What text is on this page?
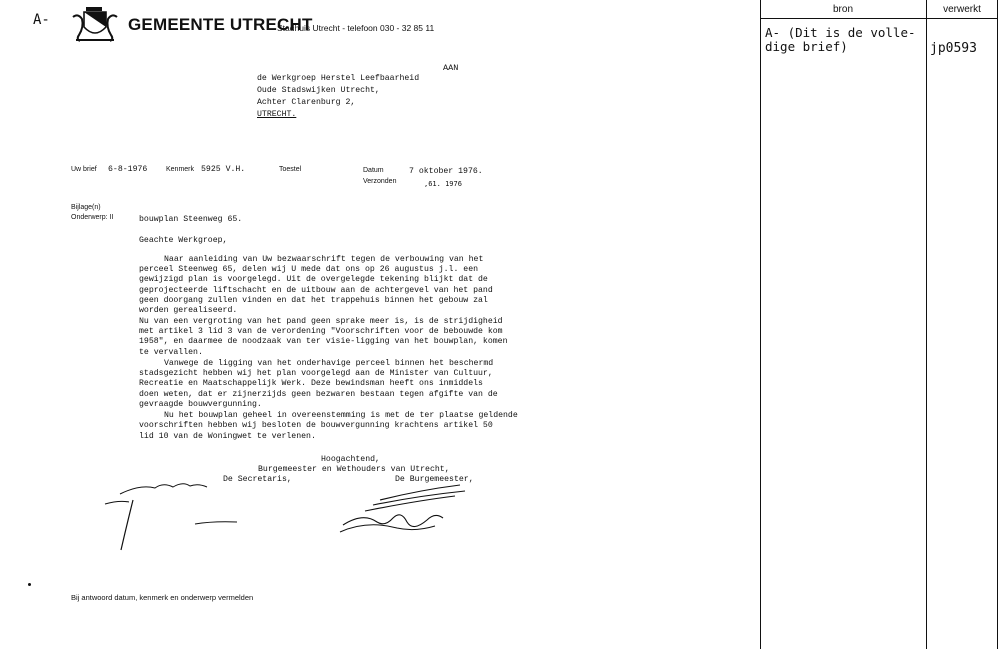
A-	GEMEENTE UTRECHT
Stadhuis Utrecht - telefoon 030 - 32 85 11
AAN
de Werkgroep Herstel Leefbaarheid
Oude Stadswijken Utrecht,
Achter Clarenburg 2,
UTRECHT.
Uw brief 6-8-1976	Kenmerk 5925 V.H.	Toestel	Datum	7 oktober 1976.
Verzonden	,61. 1976
Bijlage(n)
Onderwerp: II	bouwplan Steenweg 65.
Geachte Werkgroep,
Naar aanleiding van Uw bezwaarschrift tegen de verbouwing van het
perceel Steenweg 65, delen wij U mede dat ons op 26 augustus j.l. een
gewijzigd plan is voorgelegd. Uit de overgelegde tekening blijkt dat de
geprojecteerde liftschacht en de uitbouw aan de achtergevel van het pand
geen doorgang zullen vinden en dat het trappehuis binnen het gebouw zal
worden gerealiseerd.
Nu van een vergroting van het pand geen sprake meer is, is de strijdigheid
met artikel 3 lid 3 van de verordening "Voorschriften voor de bebouwde kom
1958", en daarmee de noodzaak van ter visie-ligging van het bouwplan, komen
te vervallen.
Vanwege de ligging van het onderhavige perceel binnen het beschermd
stadsgezicht hebben wij het plan voorgelegd aan de Minister van Cultuur,
Recreatie en Maatschappelijk Werk. Deze bewindsman heeft ons inmiddels
doen weten, dat er zijnerzijds geen bezwaren bestaan tegen afgifte van de
gevraagde bouwvergunning.
Nu het bouwplan geheel in overeenstemming is met de ter plaatse geldende
voorschriften hebben wij besloten de bouwvergunning krachtens artikel 50
lid 10 van de Woningwet te verlenen.
Hoogachtend,
Burgemeester en Wethouders van Utrecht,
De Secretaris,	De Burgemeester,
Bij antwoord datum, kenmerk en onderwerp vermelden
bron	verwerkt
A- (Dit is de volle-
dige brief)	jp0593
